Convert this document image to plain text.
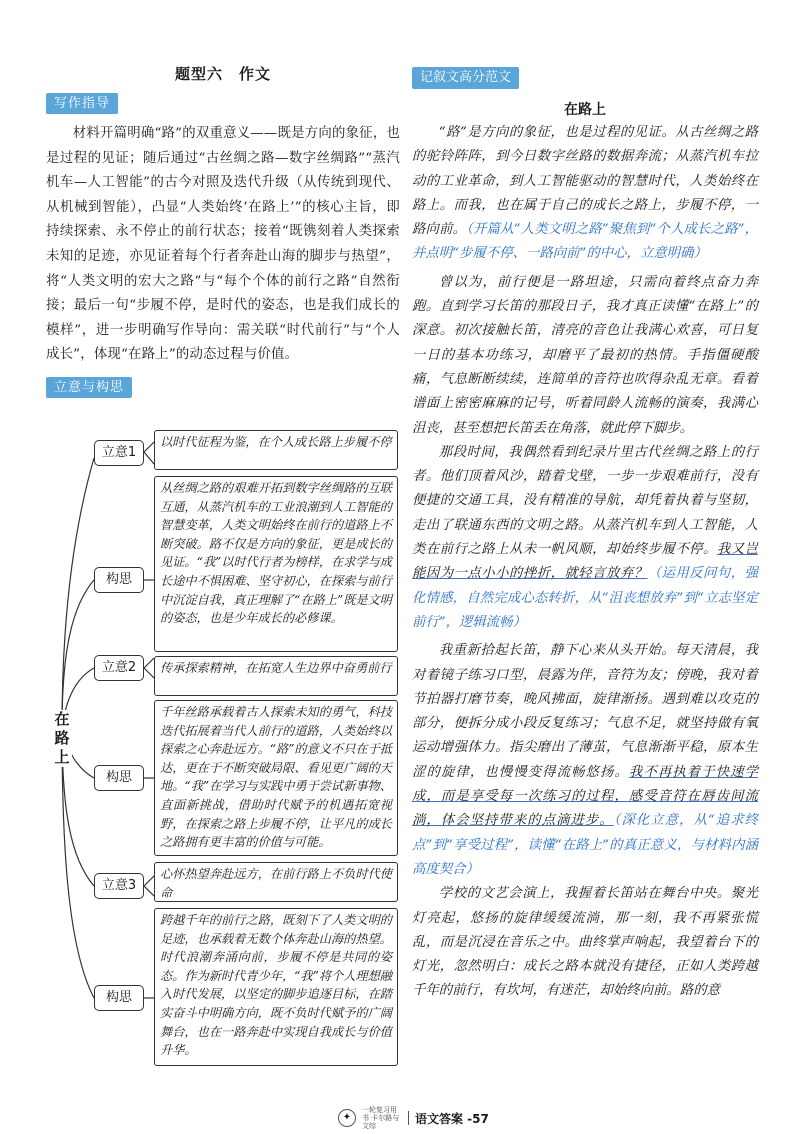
题型六　作文
写作指导
材料开篇明确“路”的双重意义——既是方向的象征，也是过程的见证；随后通过“古丝绸之路—数字丝绸路”“蒸汽机车—人工智能”的古今对照及迭代升级（从传统到现代、从机械到智能），凸显“人类始终‘在路上’”的核心主旨，即持续探索、永不停止的前行状态；接着“既镌刻着人类探索未知的足迹，亦见证着每个行者奔赴山海的脚步与热望”，将“人类文明的宏大之路”与“每个个体的前行之路”自然衔接；最后一句“步履不停，是时代的姿态，也是我们成长的模样”，进一步明确写作导向：需关联“时代前行”与“个人成长”，体现“在路上”的动态过程与价值。
立意与构思
在路上
立意1
以时代征程为鉴，在个人成长路上步履不停
构思
从丝绸之路的艰难开拓到数字丝绸路的互联互通，从蒸汽机车的工业浪潮到人工智能的智慧变革，人类文明始终在前行的道路上不断突破。路不仅是方向的象征，更是成长的见证。“我”以时代行者为榜样，在求学与成长途中不惧困难、坚守初心，在探索与前行中沉淀自我，真正理解了“在路上”既是文明的姿态，也是少年成长的必修课。
立意2	传承探索精神，在拓宽人生边界中奋勇前行
构思
千年丝路承载着古人探索未知的勇气，科技迭代拓展着当代人前行的道路，人类始终以探索之心奔赴远方。“路”的意义不只在于抵达，更在于不断突破局限、看见更广阔的天地。“我”在学习与实践中勇于尝试新事物、直面新挑战，借助时代赋予的机遇拓宽视野，在探索之路上步履不停，让平凡的成长之路拥有更丰富的价值与可能。
立意3
心怀热望奔赴远方，在前行路上不负时代使命
构思
跨越千年的前行之路，既刻下了人类文明的足迹，也承载着无数个体奔赴山海的热望。时代浪潮奔涌向前，步履不停是共同的姿态。作为新时代青少年，“我”将个人理想融入时代发展，以坚定的脚步追逐目标，在踏实奋斗中明确方向，既不负时代赋予的广阔舞台，也在一路奔赴中实现自我成长与价值升华。
记叙文高分范文
在路上

“路”是方向的象征，也是过程的见证。从古丝绸之路的驼铃阵阵，到今日数字丝路的数据奔流；从蒸汽机车拉动的工业革命，到人工智能驱动的智慧时代，人类始终在路上。而我，也在属于自己的成长之路上，步履不停，一路向前。（开篇从“人类文明之路”聚焦到“个人成长之路”，并点明“步履不停、一路向前”的中心，立意明确）

曾以为，前行便是一路坦途，只需向着终点奋力奔跑。直到学习长笛的那段日子，我才真正读懂“在路上”的深意。初次接触长笛，清亮的音色让我满心欢喜，可日复一日的基本功练习，却磨平了最初的热情。手指僵硬酸痛，气息断断续续，连简单的音符也吹得杂乱无章。看着谱面上密密麻麻的记号，听着同龄人流畅的演奏，我满心沮丧，甚至想把长笛丢在角落，就此停下脚步。

那段时间，我偶然看到纪录片里古代丝绸之路上的行者。他们顶着风沙，踏着戈壁，一步一步艰难前行，没有便捷的交通工具，没有精准的导航，却凭着执着与坚韧，走出了联通东西的文明之路。从蒸汽机车到人工智能，人类在前行之路上从未一帆风顺，却始终步履不停。我又岂能因为一点小小的挫折，就轻言放弃？（运用反问句，强化情感，自然完成心态转折，从“沮丧想放弃”到“立志坚定前行”，逻辑流畅）

我重新拾起长笛，静下心来从头开始。每天清晨，我对着镜子练习口型，晨露为伴，音符为友；傍晚，我对着节拍器打磨节奏，晚风拂面，旋律渐扬。遇到难以攻克的部分，便拆分成小段反复练习；气息不足，就坚持做有氧运动增强体力。指尖磨出了薄茧，气息渐渐平稳，原本生涩的旋律，也慢慢变得流畅悠扬。我不再执着于快速学成，而是享受每一次练习的过程，感受音符在唇齿间流淌，体会坚持带来的点滴进步。（深化立意，从“追求终点”到“享受过程”，读懂“在路上”的真正意义，与材料内涵高度契合）

学校的文艺会演上，我握着长笛站在舞台中央。聚光灯亮起，悠扬的旋律缓缓流淌，那一刻，我不再紧张慌乱，而是沉浸在音乐之中。曲终掌声响起，我望着台下的灯光，忽然明白：成长之路本就没有捷径，正如人类跨越千年的前行，有坎坷，有迷茫，却始终向前。路的意

✦
一轮复习用书 卡尔路与文综
语文答案 -57
